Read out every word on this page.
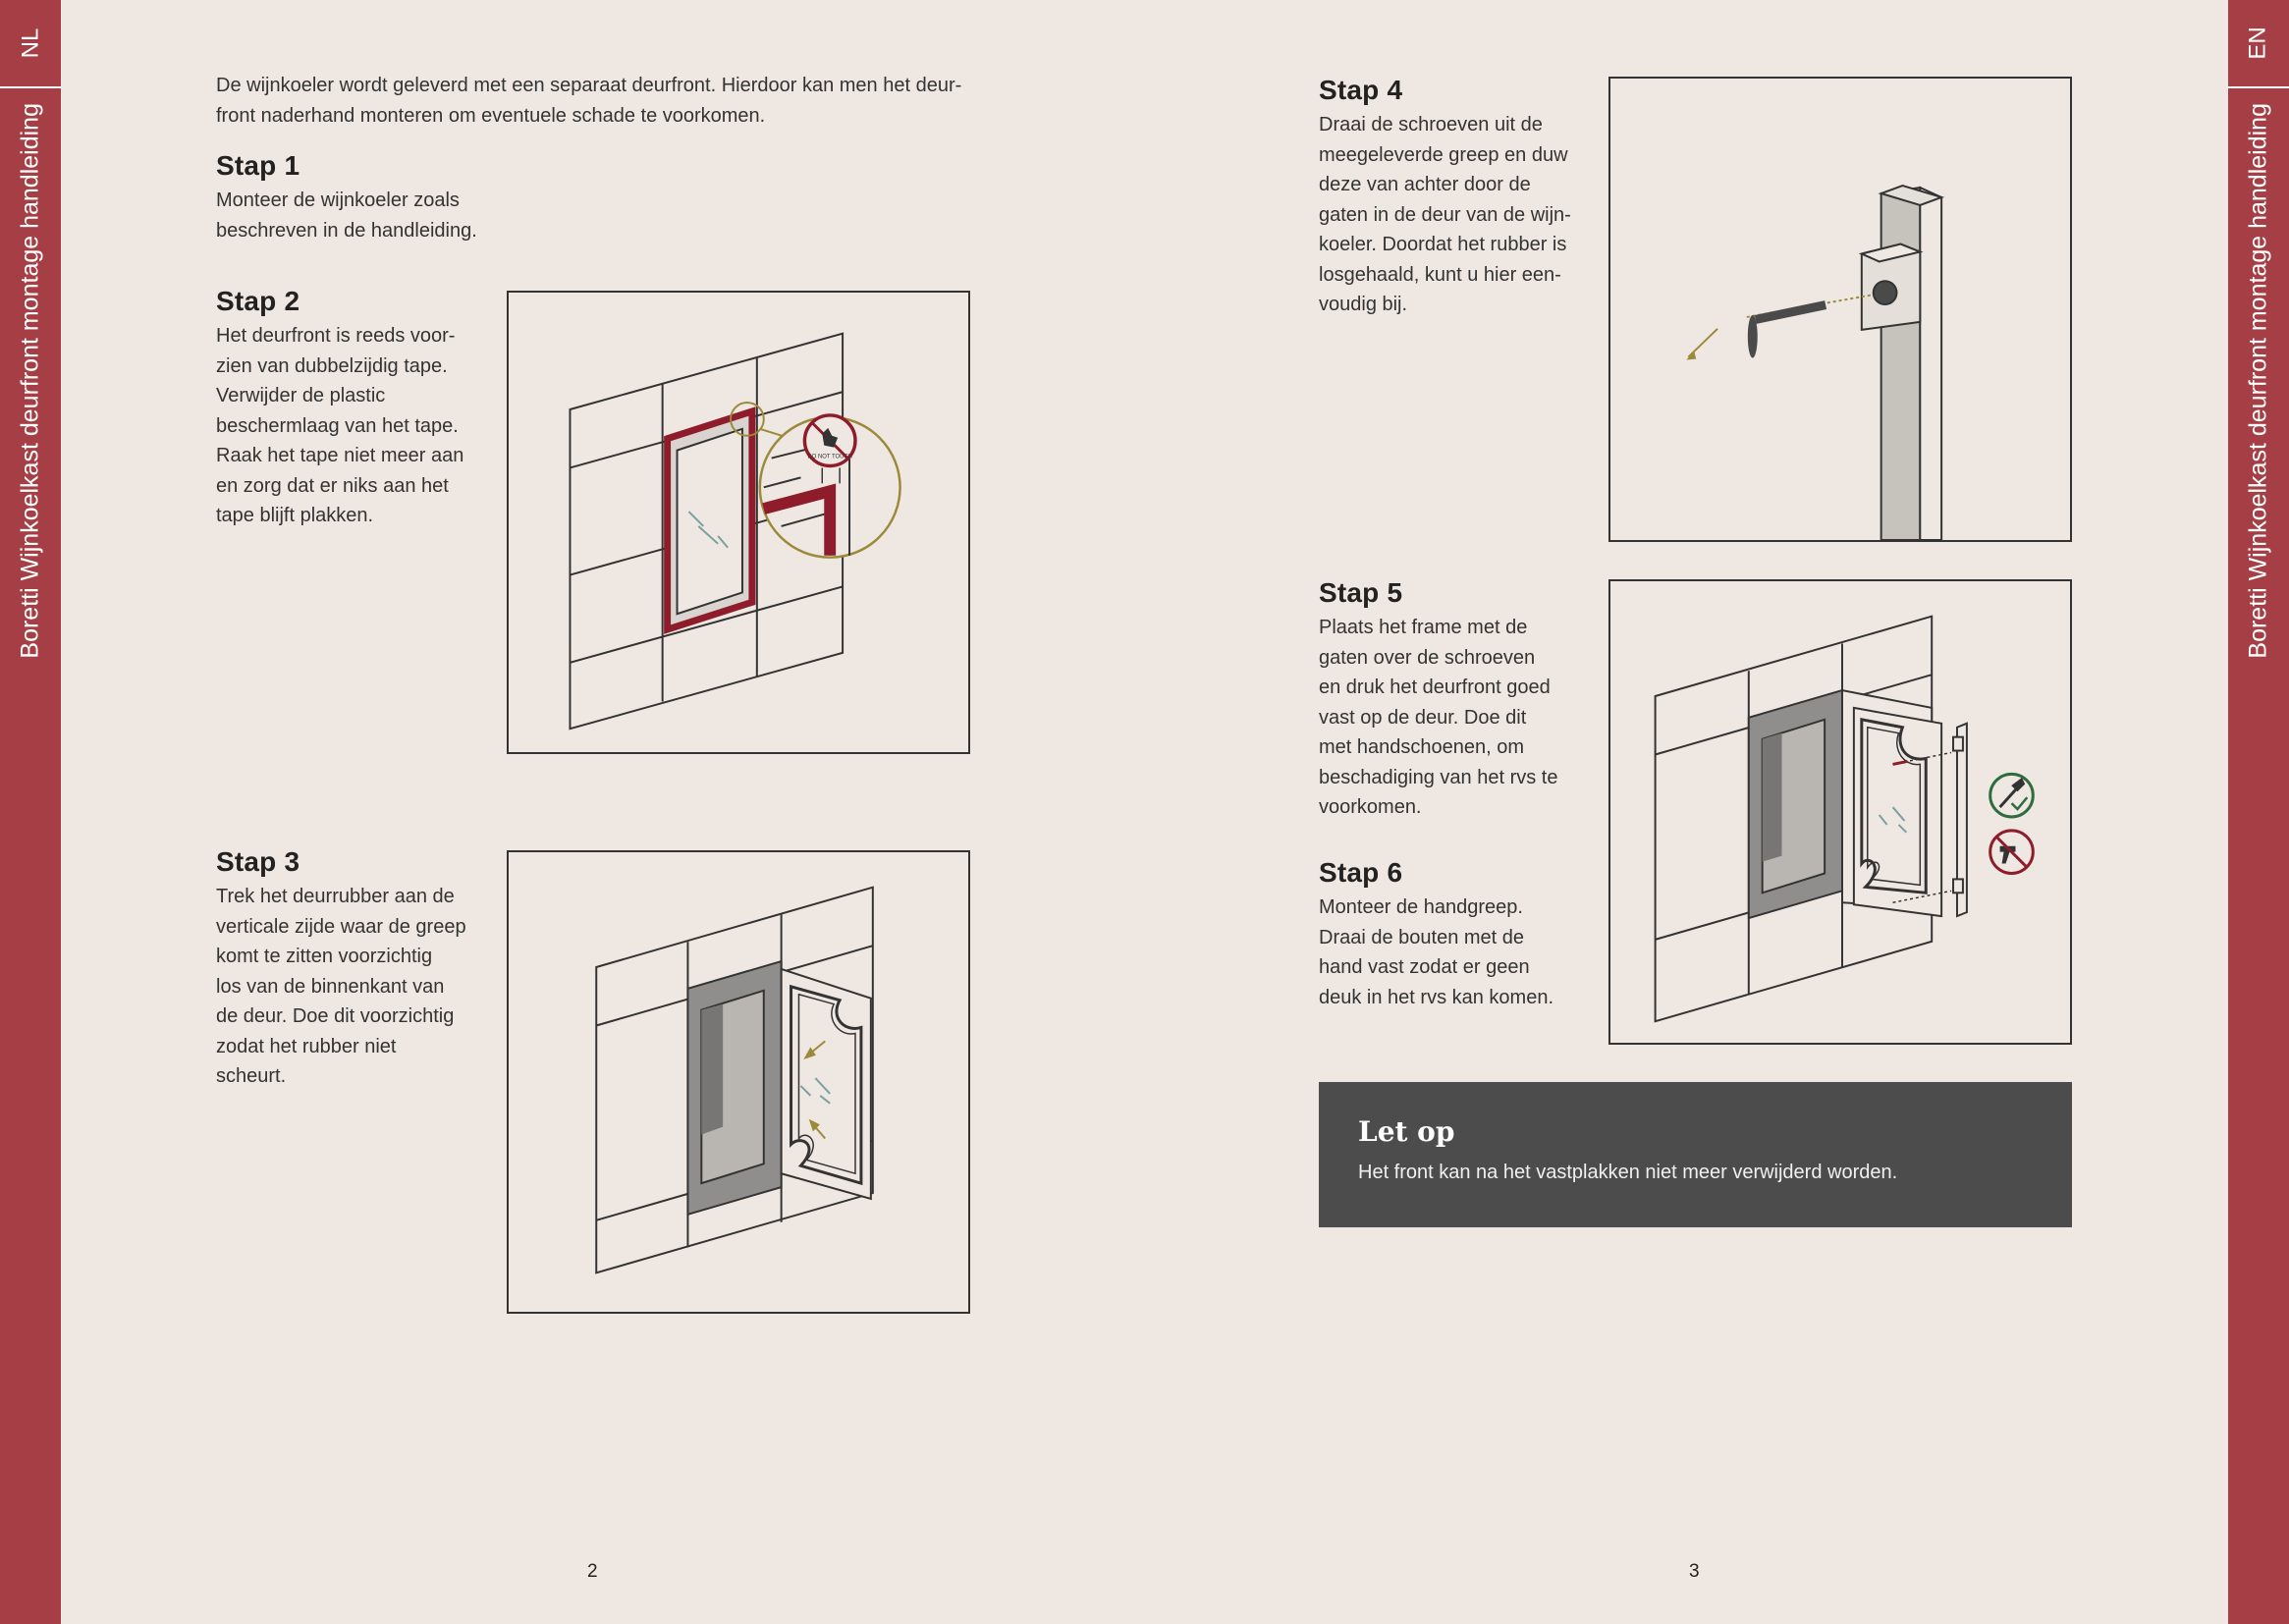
NL
Boretti Wijnkoelkast deurfront montage handleiding
EN
Boretti Wijnkoelkast deurfront montage handleiding

De wijnkoeler wordt geleverd met een separaat deurfront. Hierdoor kan men het deur-

front naderhand monteren om eventuele schade te voorkomen.

Stap 1

Monteer de wijnkoeler zoals

beschreven in de handleiding.

Stap 2

Het deurfront is reeds voor-

zien van dubbelzijdig tape.

Verwijder de plastic

beschermlaag van het tape.

Raak het tape niet meer aan

en zorg dat er niks aan het

tape blijft plakken.

Stap 3

Trek het deurrubber aan de

verticale zijde waar de greep

komt te zitten voorzichtig

los van de binnenkant van

de deur. Doe dit voorzichtig

zodat het rubber niet

scheurt.

Stap 4

Draai de schroeven uit de

meegeleverde greep en duw

deze van achter door de

gaten in de deur van de wijn-

koeler. Doordat het rubber is

losgehaald, kunt u hier een-

voudig bij.

Stap 5

Plaats het frame met de

gaten over de schroeven

en druk het deurfront goed

vast op de deur. Doe dit

met handschoenen, om

beschadiging van het rvs te

voorkomen.

Stap 6

Monteer de handgreep.

Draai de bouten met de

hand vast zodat er geen

deuk in het rvs kan komen.

DO NOT TOUCH

Let op

Het front kan na het vastplakken niet meer verwijderd worden.

2	3
